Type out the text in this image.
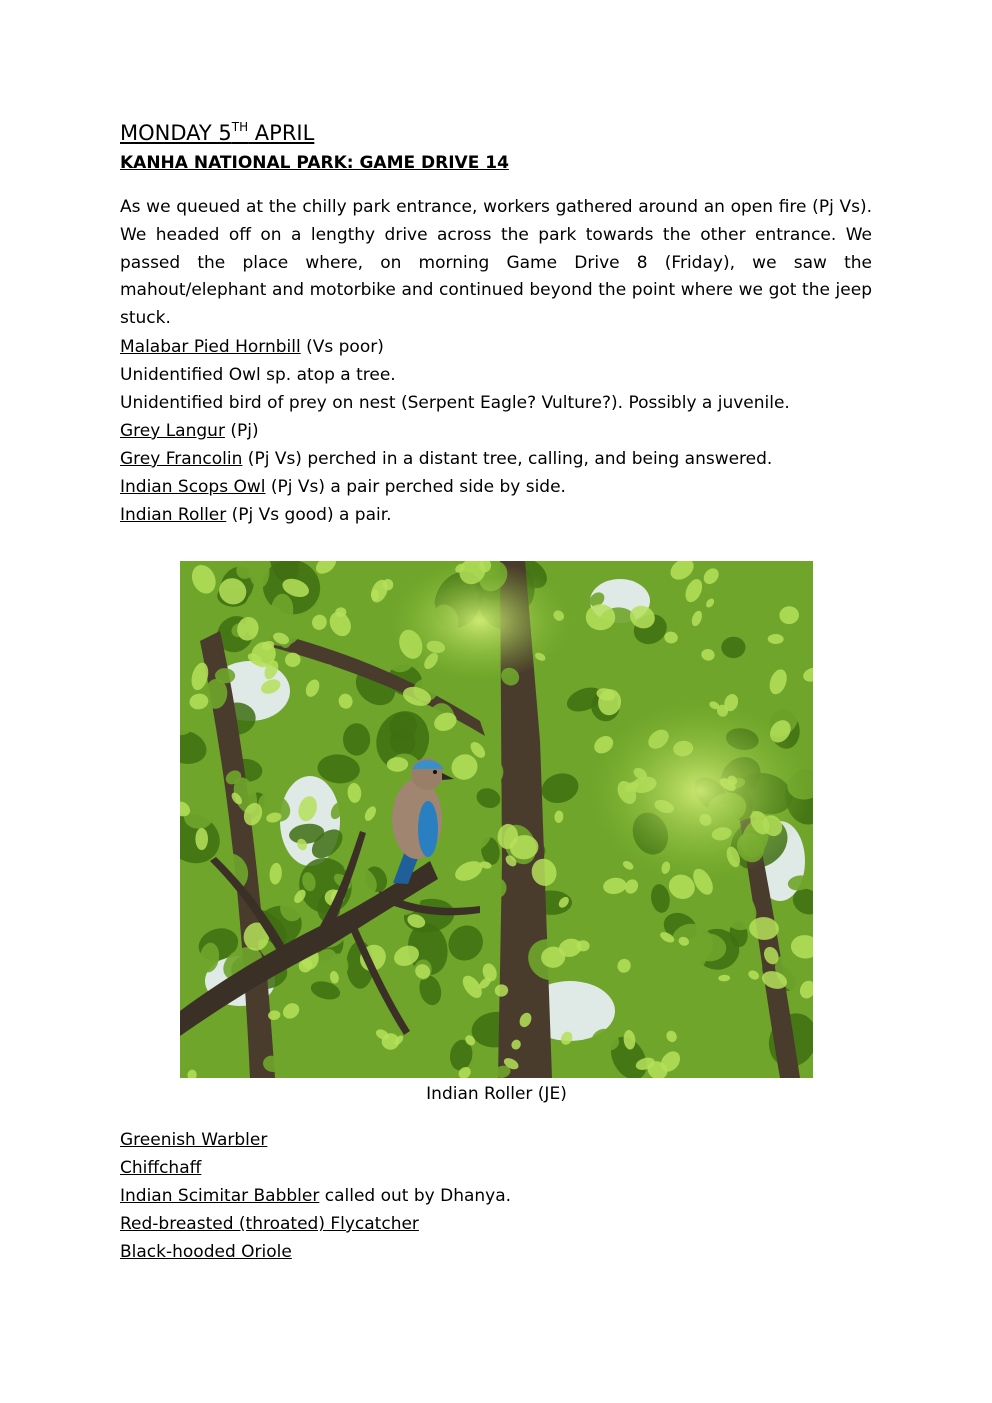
MONDAY 5TH APRIL
KANHA NATIONAL PARK: GAME DRIVE 14

As we queued at the chilly park entrance, workers gathered around an open fire (Pj Vs). We headed off on a lengthy drive across the park towards the other entrance. We passed the place where, on morning Game Drive 8 (Friday), we saw the mahout/elephant and motorbike and continued beyond the point where we got the jeep stuck.

Malabar Pied Hornbill (Vs poor)

Unidentified Owl sp. atop a tree.

Unidentified bird of prey on nest (Serpent Eagle? Vulture?). Possibly a juvenile.

Grey Langur (Pj)

Grey Francolin (Pj Vs) perched in a distant tree, calling, and being answered.

Indian Scops Owl (Pj Vs) a pair perched side by side.

Indian Roller (Pj Vs good) a pair.

Indian Roller (JE)

Greenish Warbler

Chiffchaff

Indian Scimitar Babbler called out by Dhanya.

Red-breasted (throated) Flycatcher

Black-hooded Oriole
